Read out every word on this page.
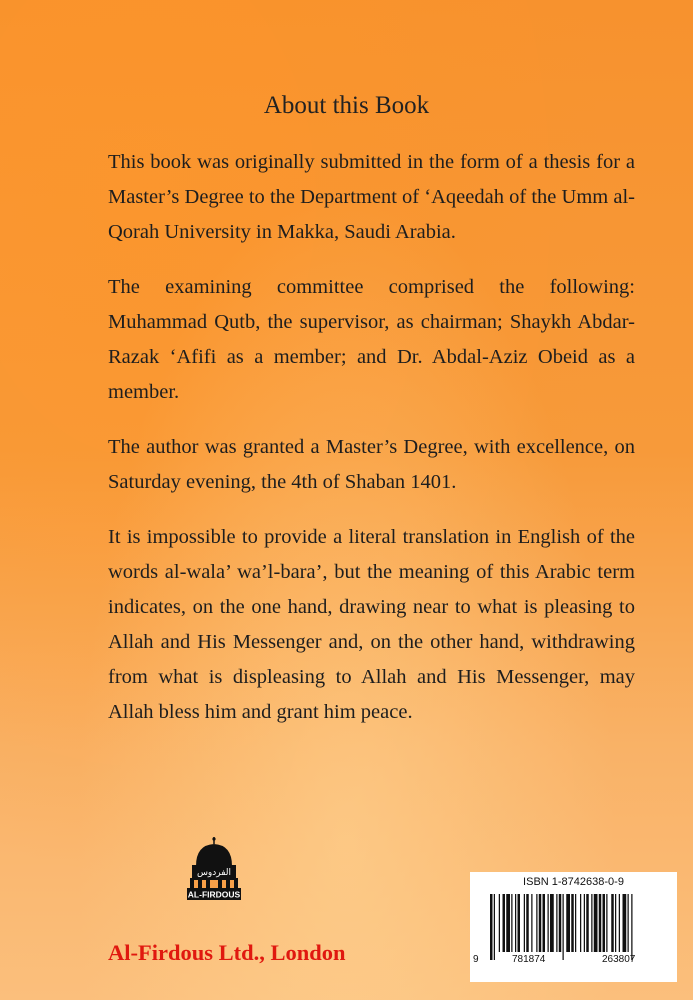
About this Book

This book was originally submitted in the form of a thesis for a Master’s Degree to the Department of ‘Aqeedah of the Umm al-Qorah University in Makka, Saudi Arabia.

The examining committee comprised the following: Muhammad Qutb, the supervisor, as chairman; Shaykh Abdar-Razak ‘Afifi as a member; and Dr. Abdal-Aziz Obeid as a member.

The author was granted a Master’s Degree, with excellence, on Saturday evening, the 4th of Shaban 1401.

It is impossible to provide a literal translation in English of the words al-wala’ wa’l-bara’, but the meaning of this Arabic term indicates, on the one hand, drawing near to what is pleasing to Allah and His Messenger and, on the other hand, withdrawing from what is displeasing to Allah and His Messenger, may Allah bless him and grant him peace.

الفردوس
AL-FIRDOUS
Al-Firdous Ltd., London
ISBN 1-8742638-0-9
9	781874	263807
